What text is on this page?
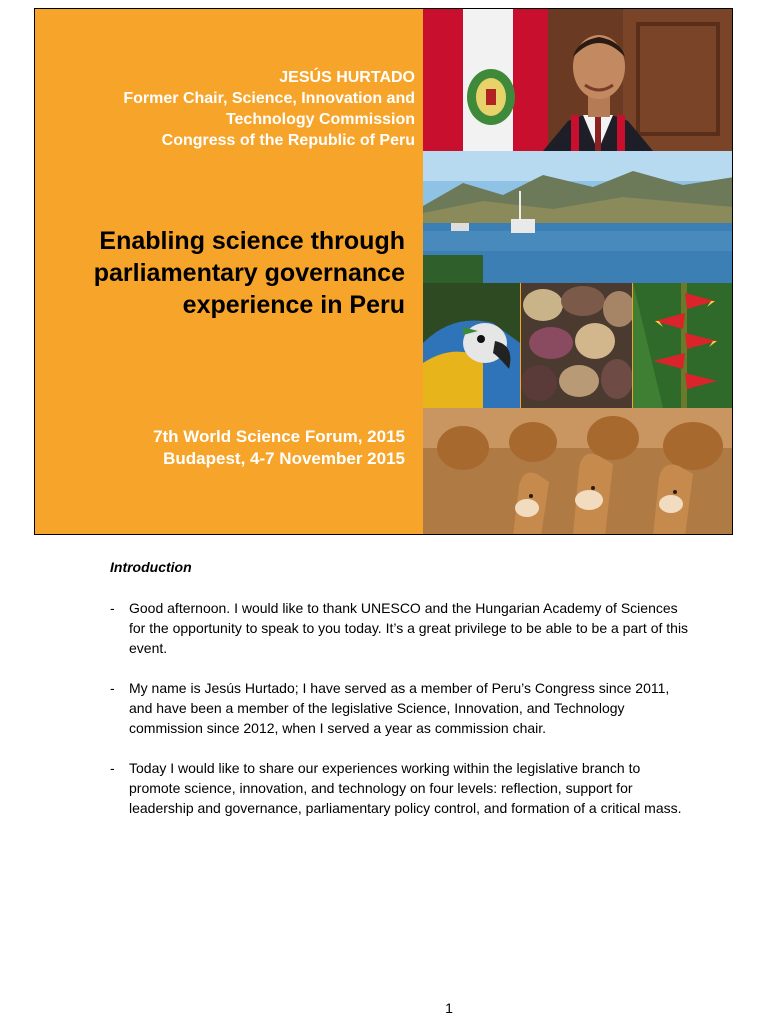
JESÚS HURTADO
Former Chair, Science, Innovation and
Technology Commission
Congress of the Republic of Peru
Enabling science through
parliamentary governance
experience in Peru
7th World Science Forum, 2015
Budapest, 4-7 November 2015
Introduction
- Good afternoon. I would like to thank UNESCO and the Hungarian Academy of Sciences for the opportunity to speak to you today. It’s a great privilege to be able to be a part of this event.
- My name is Jesús Hurtado; I have served as a member of Peru’s Congress since 2011, and have been a member of the legislative Science, Innovation, and Technology commission since 2012, when I served a year as commission chair.
- Today I would like to share our experiences working within the legislative branch to promote science, innovation, and technology on four levels: reflection, support for leadership and governance, parliamentary policy control, and formation of a critical mass.
1
